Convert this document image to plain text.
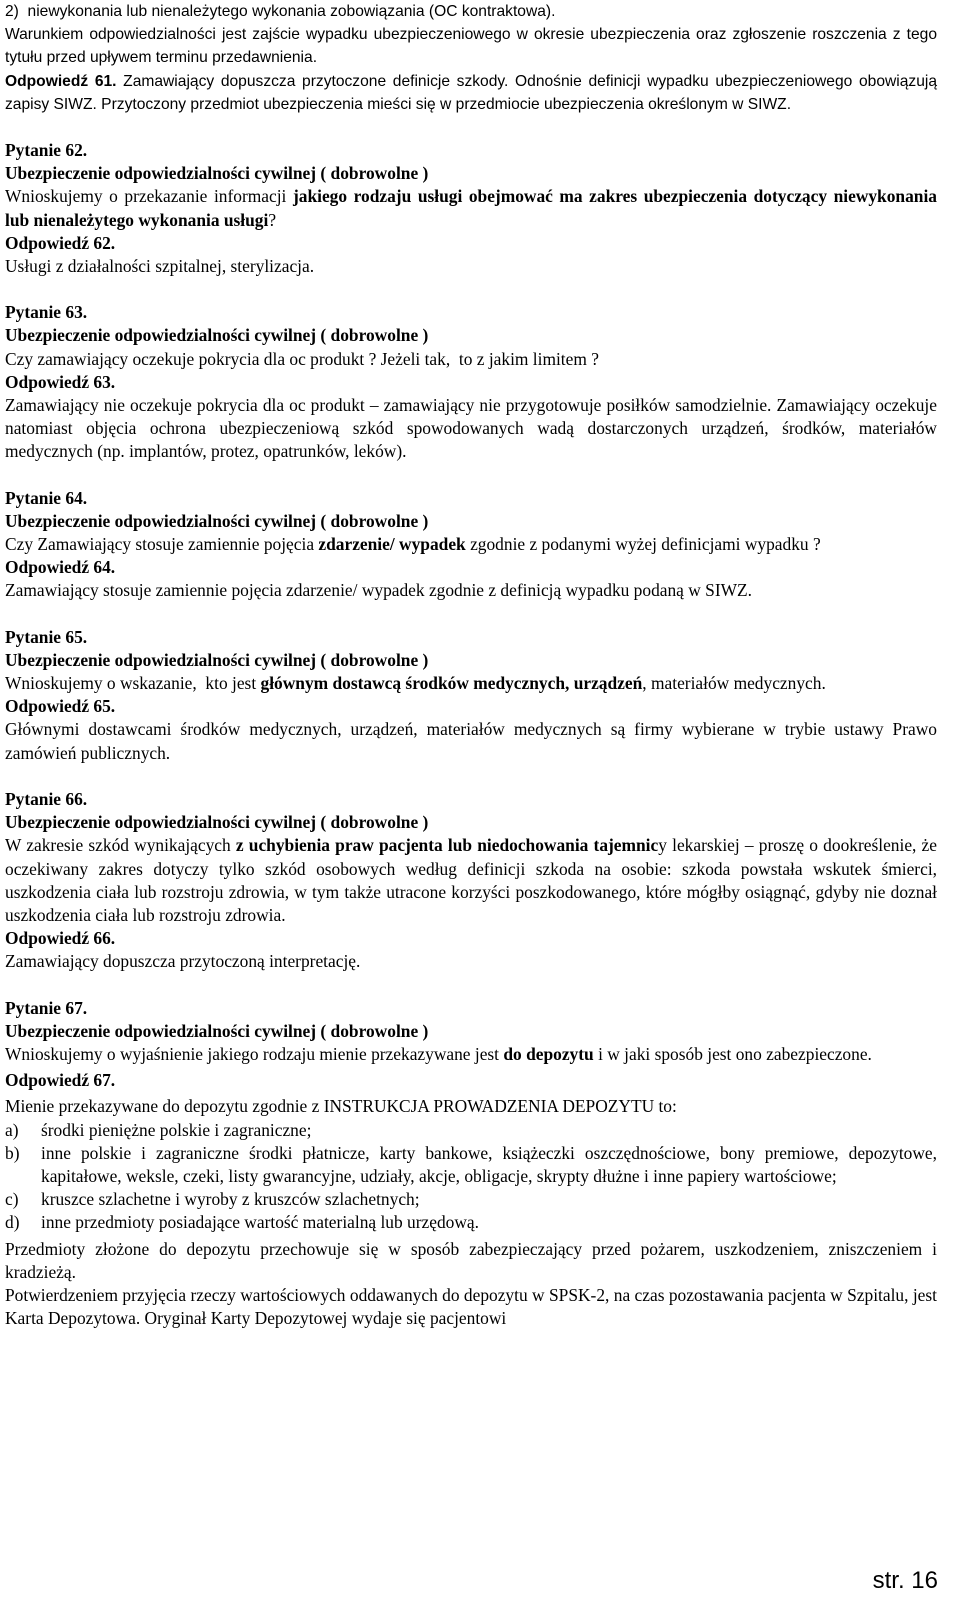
2)  niewykonania lub nienależytego wykonania zobowiązania (OC kontraktowa).

Warunkiem odpowiedzialności jest zajście wypadku ubezpieczeniowego w okresie ubezpieczenia oraz zgłoszenie roszczenia z tego tytułu przed upływem terminu przedawnienia.

Odpowiedź 61. Zamawiający dopuszcza przytoczone definicje szkody. Odnośnie definicji wypadku ubezpieczeniowego obowiązują zapisy SIWZ. Przytoczony przedmiot ubezpieczenia mieści się w przedmiocie ubezpieczenia określonym w SIWZ.

Pytanie 62.

Ubezpieczenie odpowiedzialności cywilnej ( dobrowolne )

Wnioskujemy o przekazanie informacji jakiego rodzaju usługi obejmować ma zakres ubezpieczenia dotyczący niewykonania lub nienależytego wykonania usługi?

Odpowiedź 62.

Usługi z działalności szpitalnej, sterylizacja.

Pytanie 63.

Ubezpieczenie odpowiedzialności cywilnej ( dobrowolne )

Czy zamawiający oczekuje pokrycia dla oc produkt ? Jeżeli tak,  to z jakim limitem ?

Odpowiedź 63.

Zamawiający nie oczekuje pokrycia dla oc produkt – zamawiający nie przygotowuje posiłków samodzielnie. Zamawiający oczekuje natomiast objęcia ochrona ubezpieczeniową szkód spowodowanych wadą dostarczonych urządzeń, środków, materiałów medycznych (np. implantów, protez, opatrunków, leków).

Pytanie 64.

Ubezpieczenie odpowiedzialności cywilnej ( dobrowolne )

Czy Zamawiający stosuje zamiennie pojęcia zdarzenie/ wypadek zgodnie z podanymi wyżej definicjami wypadku ?

Odpowiedź 64.

Zamawiający stosuje zamiennie pojęcia zdarzenie/ wypadek zgodnie z definicją wypadku podaną w SIWZ.

Pytanie 65.

Ubezpieczenie odpowiedzialności cywilnej ( dobrowolne )

Wnioskujemy o wskazanie,  kto jest głównym dostawcą środków medycznych, urządzeń, materiałów medycznych.

Odpowiedź 65.

Głównymi dostawcami środków medycznych, urządzeń, materiałów medycznych są firmy wybierane w trybie ustawy Prawo zamówień publicznych.

Pytanie 66.

Ubezpieczenie odpowiedzialności cywilnej ( dobrowolne )

W zakresie szkód wynikających z uchybienia praw pacjenta lub niedochowania tajemnicy lekarskiej – proszę o dookreślenie, że oczekiwany zakres dotyczy tylko szkód osobowych według definicji szkoda na osobie: szkoda powstała wskutek śmierci, uszkodzenia ciała lub rozstroju zdrowia, w tym także utracone korzyści poszkodowanego, które mógłby osiągnąć, gdyby nie doznał uszkodzenia ciała lub rozstroju zdrowia.

Odpowiedź 66.

Zamawiający dopuszcza przytoczoną interpretację.

Pytanie 67.

Ubezpieczenie odpowiedzialności cywilnej ( dobrowolne )

Wnioskujemy o wyjaśnienie jakiego rodzaju mienie przekazywane jest do depozytu i w jaki sposób jest ono zabezpieczone.

Odpowiedź 67.

Mienie przekazywane do depozytu zgodnie z INSTRUKCJA PROWADZENIA DEPOZYTU to:

a)	środki pieniężne polskie i zagraniczne;
b)	inne polskie i zagraniczne środki płatnicze, karty bankowe, książeczki oszczędnościowe, bony premiowe, depozytowe, kapitałowe, weksle, czeki, listy gwarancyjne, udziały, akcje, obligacje, skrypty dłużne i inne papiery wartościowe;
c)	kruszce szlachetne i wyroby z kruszców szlachetnych;
d)	inne przedmioty posiadające wartość materialną lub urzędową.

Przedmioty złożone do depozytu przechowuje się w sposób zabezpieczający przed pożarem, uszkodzeniem, zniszczeniem i kradzieżą.

Potwierdzeniem przyjęcia rzeczy wartościowych oddawanych do depozytu w SPSK-2, na czas pozostawania pacjenta w Szpitalu, jest Karta Depozytowa. Oryginał Karty Depozytowej wydaje się pacjentowi

str. 16
